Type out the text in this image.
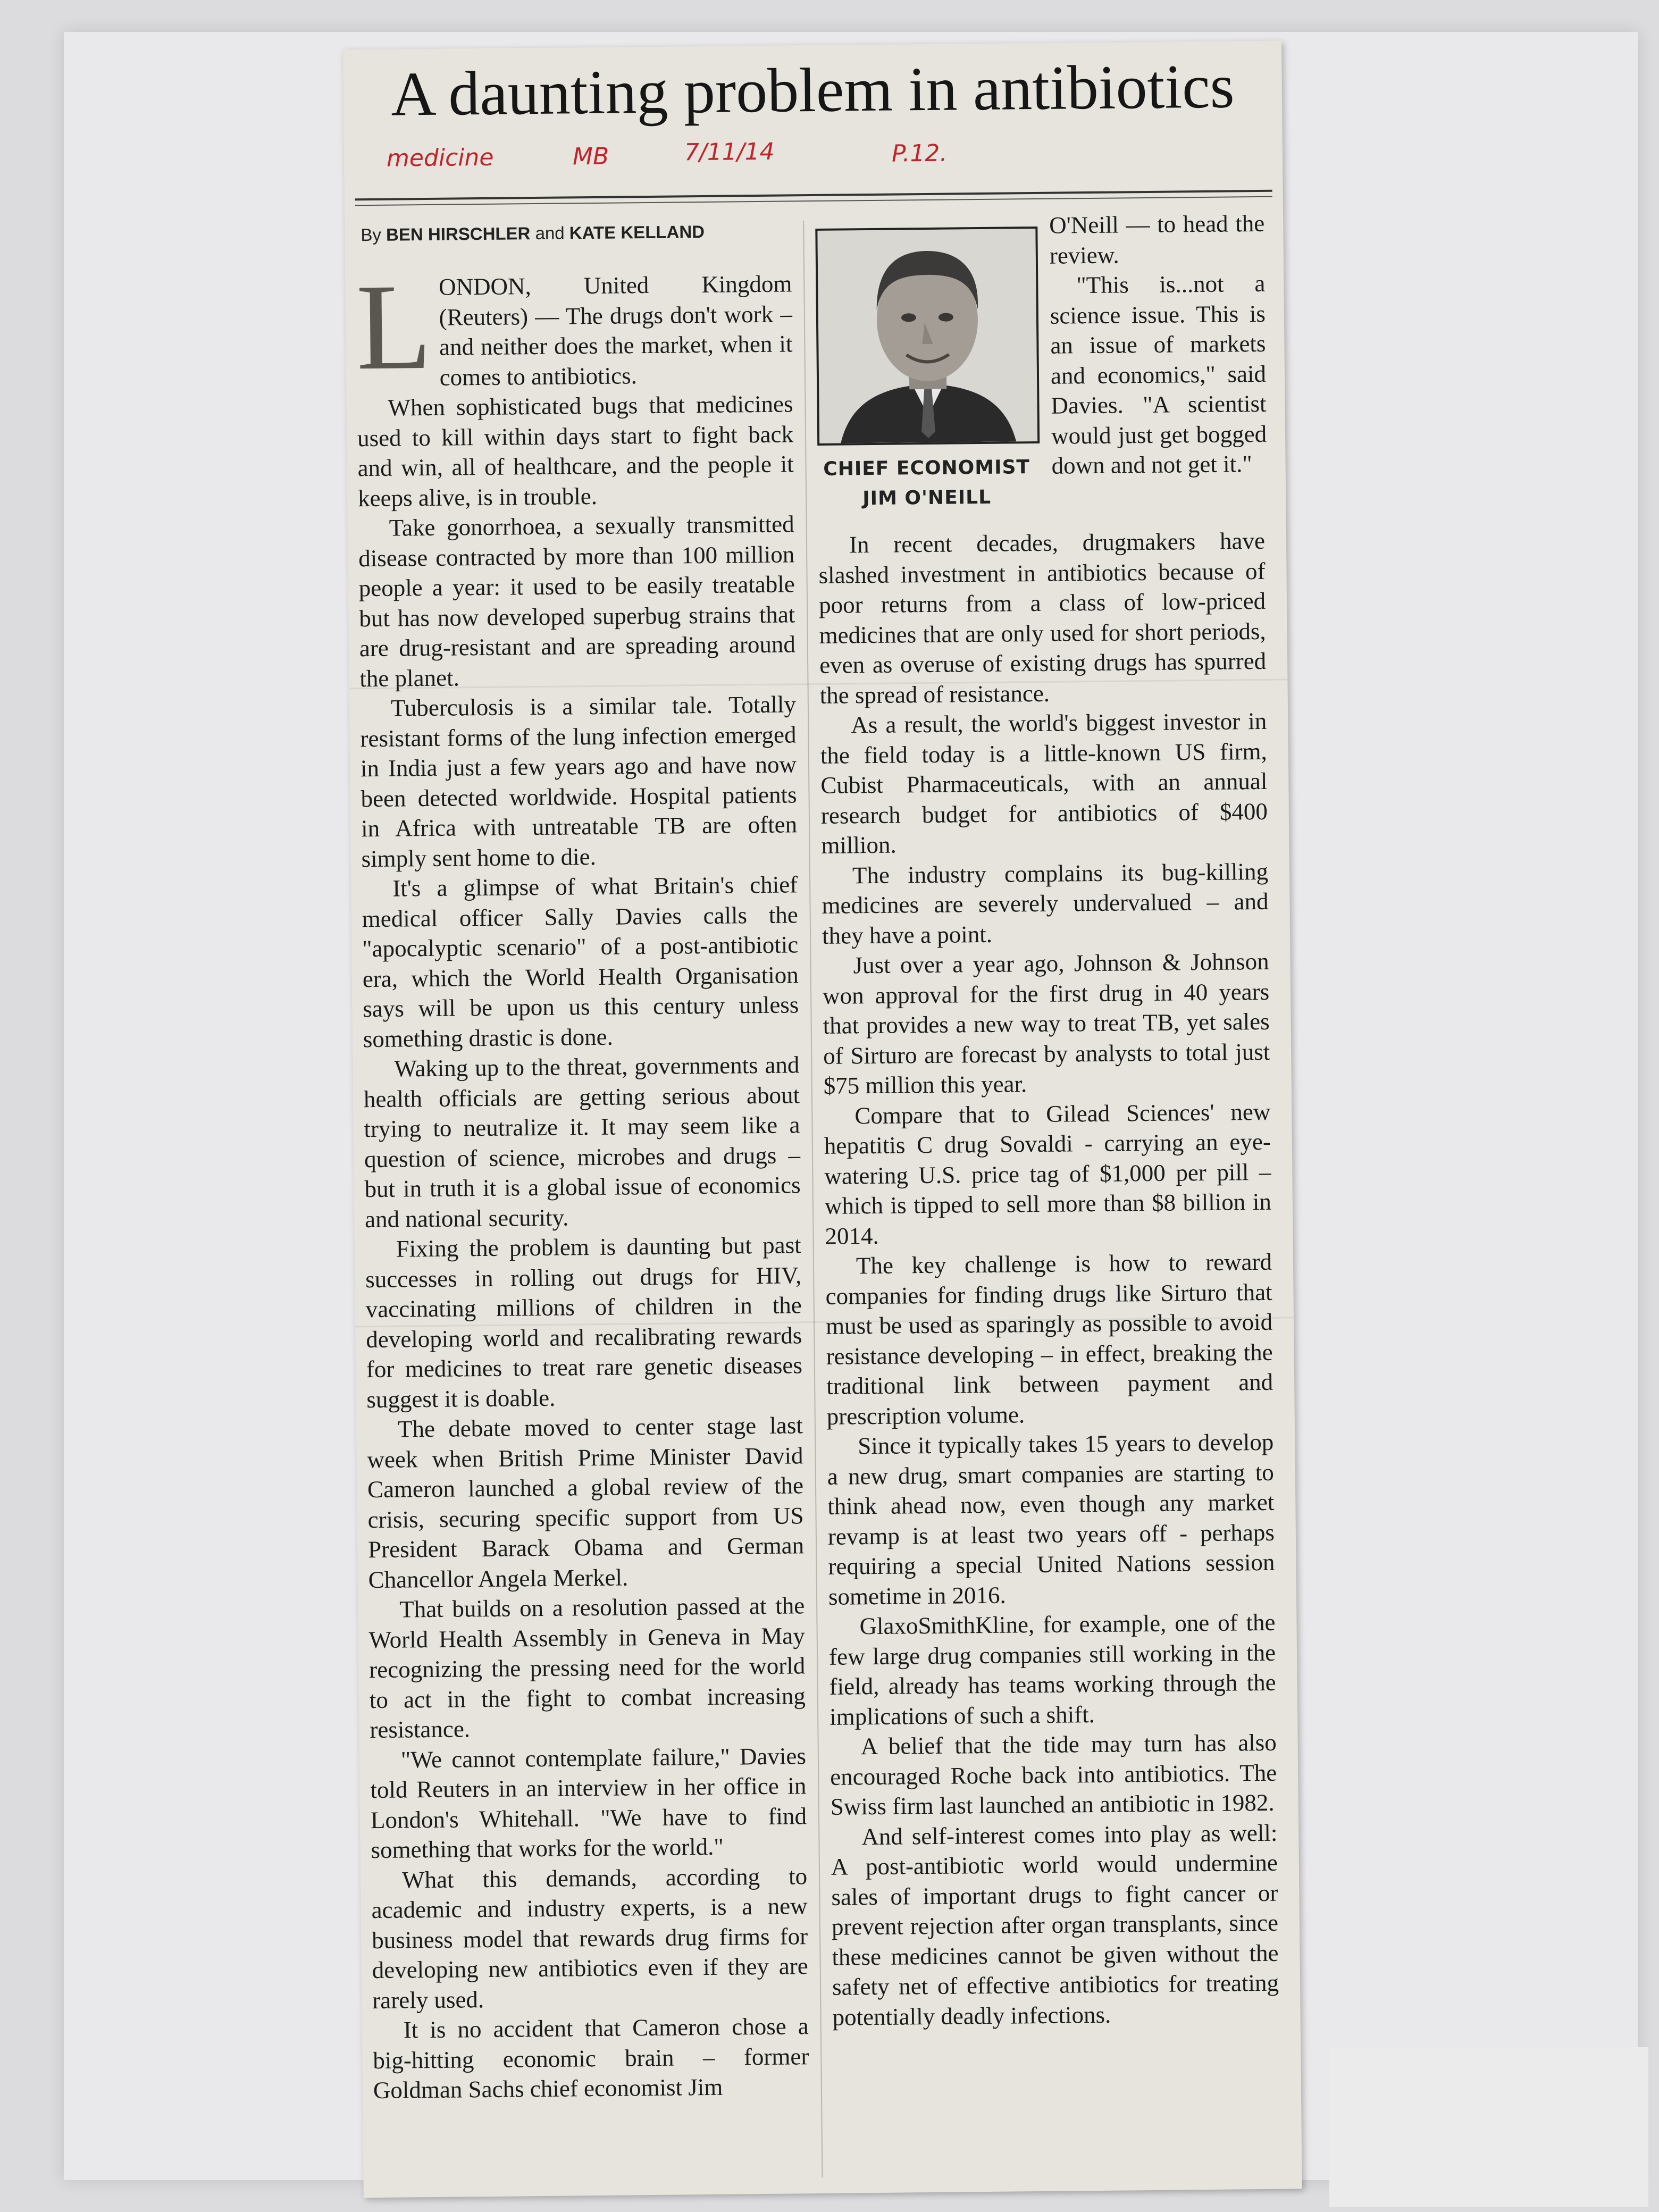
A daunting problem in antibiotics
medicine	MB	7/11/14	P.12.
By BEN HIRSCHLER and KATE KELLAND

LONDON, United Kingdom (Reuters) — The drugs don't work – and neither does the market, when it comes to antibiotics.

When sophisticated bugs that medicines used to kill within days start to fight back and win, all of healthcare, and the people it keeps alive, is in trouble.

Take gonorrhoea, a sexually transmitted disease contracted by more than 100 million people a year: it used to be easily treatable but has now developed superbug strains that are drug-resistant and are spreading around the planet.

Tuberculosis is a similar tale. Totally resistant forms of the lung infection emerged in India just a few years ago and have now been detected worldwide. Hospital patients in Africa with untreatable TB are often simply sent home to die.

It's a glimpse of what Britain's chief medical officer Sally Davies calls the "apocalyptic scenario" of a post-antibiotic era, which the World Health Organisation says will be upon us this century unless something drastic is done.

Waking up to the threat, governments and health officials are getting serious about trying to neutralize it. It may seem like a question of science, microbes and drugs – but in truth it is a global issue of economics and national security.

Fixing the problem is daunting but past successes in rolling out drugs for HIV, vaccinating millions of children in the developing world and recalibrating rewards for medicines to treat rare genetic diseases suggest it is doable.

The debate moved to center stage last week when British Prime Minister David Cameron launched a global review of the crisis, securing specific support from US President Barack Obama and German Chancellor Angela Merkel.

That builds on a resolution passed at the World Health Assembly in Geneva in May recognizing the pressing need for the world to act in the fight to combat increasing resistance.

"We cannot contemplate failure," Davies told Reuters in an interview in her office in London's Whitehall. "We have to find something that works for the world."

What this demands, according to academic and industry experts, is a new business model that rewards drug firms for developing new antibiotics even if they are rarely used.

It is no accident that Cameron chose a big-hitting economic brain – former Goldman Sachs chief economist Jim

CHIEF ECONOMIST
JIM O'NEILL

O'Neill — to head the review.

"This is...not a science issue. This is an issue of markets and economics," said Davies. "A scientist would just get bogged down and not get it."

In recent decades, drugmakers have slashed investment in antibiotics because of poor returns from a class of low-priced medicines that are only used for short periods, even as overuse of existing drugs has spurred the spread of resistance.

As a result, the world's biggest investor in the field today is a little-known US firm, Cubist Pharmaceuticals, with an annual research budget for antibiotics of $400 million.

The industry complains its bug-killing medicines are severely undervalued – and they have a point.

Just over a year ago, Johnson & Johnson won approval for the first drug in 40 years that provides a new way to treat TB, yet sales of Sirturo are forecast by analysts to total just $75 million this year.

Compare that to Gilead Sciences' new hepatitis C drug Sovaldi - carrying an eye-watering U.S. price tag of $1,000 per pill – which is tipped to sell more than $8 billion in 2014.

The key challenge is how to reward companies for finding drugs like Sirturo that must be used as sparingly as possible to avoid resistance developing – in effect, breaking the traditional link between payment and prescription volume.

Since it typically takes 15 years to develop a new drug, smart companies are starting to think ahead now, even though any market revamp is at least two years off - perhaps requiring a special United Nations session sometime in 2016.

GlaxoSmithKline, for example, one of the few large drug companies still working in the field, already has teams working through the implications of such a shift.

A belief that the tide may turn has also encouraged Roche back into antibiotics. The Swiss firm last launched an antibiotic in 1982.

And self-interest comes into play as well: A post-antibiotic world would undermine sales of important drugs to fight cancer or prevent rejection after organ transplants, since these medicines cannot be given without the safety net of effective antibiotics for treating potentially deadly infections.
